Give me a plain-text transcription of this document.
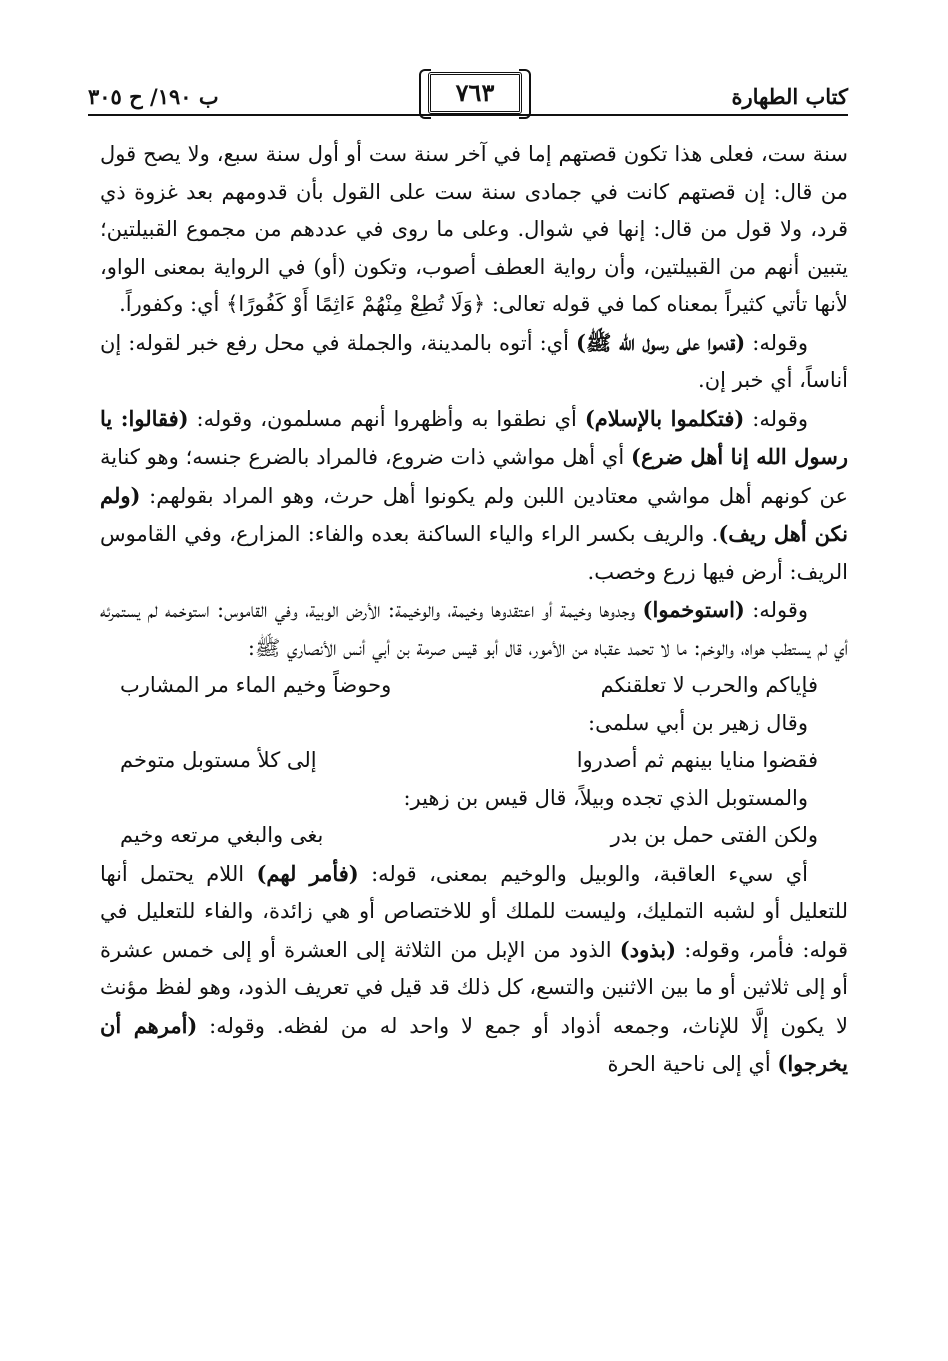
كتاب الطهارة
٧٦٣
ب ١٩٠/ ح ٣٠٥

سنة ست، فعلى هذا تكون قصتهم إما في آخر سنة ست أو أول سنة سبع، ولا يصح قول من قال: إن قصتهم كانت في جمادى سنة ست على القول بأن قدومهم بعد غزوة ذي قرد، ولا قول من قال: إنها في شوال. وعلى ما روى في عددهم من مجموع القبيلتين؛ يتبين أنهم من القبيلتين، وأن رواية العطف أصوب، وتكون (أو) في الرواية بمعنى الواو، لأنها تأتي كثيراً بمعناه كما في قوله تعالى: ﴿وَلَا تُطِعْ مِنْهُمْ ءَاثِمًا أَوْ كَفُورًا﴾ أي: وكفوراً.

وقوله: (قدموا على رسول الله ﷺ) أي: أتوه بالمدينة، والجملة في محل رفع خبر لقوله: إن أناساً، أي خبر إن.

وقوله: (فتكلموا بالإسلام) أي نطقوا به وأظهروا أنهم مسلمون، وقوله: (فقالوا: يا رسول الله إنا أهل ضرع) أي أهل مواشي ذات ضروع، فالمراد بالضرع جنسه؛ وهو كناية عن كونهم أهل مواشي معتادين اللبن ولم يكونوا أهل حرث، وهو المراد بقولهم: (ولم نكن أهل ريف). والريف بكسر الراء والياء الساكنة بعده والفاء: المزارع، وفي القاموس الريف: أرض فيها زرع وخصب.

وقوله: (استوخموا) وجدوها وخيمة أو اعتقدوها وخيمة، والوخيمة: الأرض الوبية، وفي القاموس: استوخمه لم يستمرئه أي لم يستطب هواه، والوخم: ما لا تحمد عقباه من الأمور، قال أبو قيس صرمة بن أبي أنس الأنصاري ﷺ:

فإياكم والحرب لا تعلقنكم
وحوضاً وخيم الماء مر المشارب

وقال زهير بن أبي سلمى:

فقضوا منايا بينهم ثم أصدروا
إلى كلأ مستوبل متوخم

والمستوبل الذي تجده وبيلاً، قال قيس بن زهير:

ولكن الفتى حمل بن بدر
بغى والبغي مرتعه وخيم

أي سيء العاقبة، والوبيل والوخيم بمعنى، قوله: (فأمر لهم) اللام يحتمل أنها للتعليل أو لشبه التمليك، وليست للملك أو للاختصاص أو هي زائدة، والفاء للتعليل في قوله: فأمر، وقوله: (بذود) الذود من الإبل من الثلاثة إلى العشرة أو إلى خمس عشرة أو إلى ثلاثين أو ما بين الاثنين والتسع، كل ذلك قد قيل في تعريف الذود، وهو لفظ مؤنث لا يكون إلَّا للإناث، وجمعه أذواد أو جمع لا واحد له من لفظه. وقوله: (أمرهم أن يخرجوا) أي إلى ناحية الحرة
